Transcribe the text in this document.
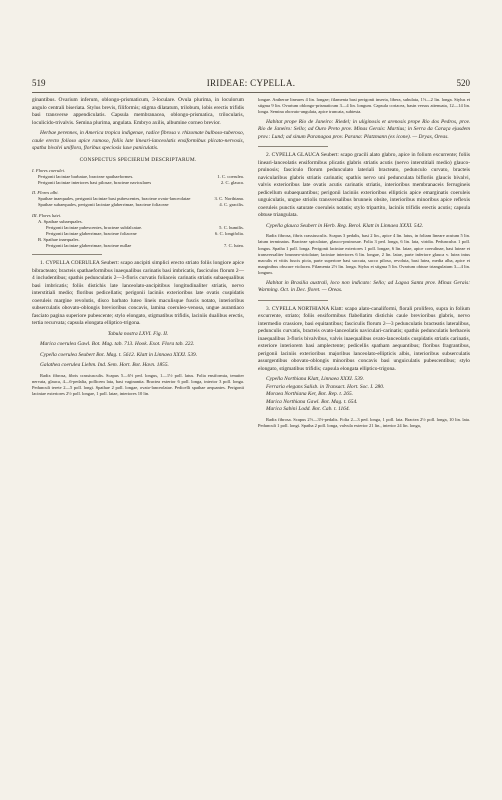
519	IRIDEAE: CYPELLA.	520

ginantibus. Ovarium inferum, oblongo-prismaticum, 3-loculare. Ovula plurima, in loculorum angulo centrali biseriata. Stylus brevis, filiformis; stigma dilatatum, trilobum, lobis erectis trifidis basi transverse appendiculatis. Capsula membranacea, oblongo-prismatica, trilocularis, loculicido-trivalvis. Semina plurima, angulata. Embryo axilis, albumine corneo brevior.

Herbae perennes, in America tropica indigenae, radice fibrosa v. rhizomate bulboso-tuberoso, caule erecto folioso apice ramoso, foliis late lineari-lanceolatis ensiformibus plicato-nervosis, spatha bivalvi uniflora, floribus speciosis luxe paniculatis.

CONSPECTUS SPECIERUM DESCRIPTARUM.
I. Flores coerulei.
Perigonii laciniae barbatae, bracteae spathaeformes.	1. C. coerulea.
Perigonii laciniae interiores basi pilosae, bracteae naviculares	2. C. glauca.
II. Flores albi.
Spathae inaequales, perigonii laciniae basi pubescentes, bracteae ovato-lanceolatae	3. C. Northiana.
Spathae subaequales, perigonii laciniae glaberrimae, bracteae foliaceae	4. C. gracilis.
III. Flores lutei.
A. Spathae subaequales.
Perigonii laciniae pubescentes, bracteae subfalcatae.	5. C. humilis.
Perigonii laciniae glaberrimae, bracteae foliaceae	6. C. longifolia.
B. Spathae inaequales.
Perigonii laciniae glaberrimae, bracteae nullae	7. C. lutea.

1. CYPELLA COERULEA Seubert: scapo ancipiti simplici erecto striato foliis longiore apice bibracteato; bracteis spathaeformibus inaequalibus carinatis basi imbricatis, fasciculos florum 2—4 includentibus; spathis pedunculatis 2—3-floris curvatis foliaceis carinatis striatis subaequalibus basi imbricatis; foliis distichis late lanceolato-ancipitibus longitudinaliter striatis, nervo interstitiali medio; floribus pedicellatis; perigonii laciniis exterioribus late ovatis cuspidatis coeruleis margine revolutis, disco barbato luteo lineis maculisque fuscis notato, interioribus subserculatis obovato-oblongis brevioribus concavis, lamina coeruleo-venosa, ungue aurantiaco fasciato pagina superiore pubescente; stylo elongato, stigmatibus trifidis, laciniis dualibus erectis, tertia recurvata; capsula elongata elliptico-trigona.

Tabula nostra LXVI. Fig. II.

Marica coerulea Gawl. Bot. Mag. tab. 713. Hook. Exot. Flora tab. 222.

Cypella coerulea Seubert Bot. Mag. t. 5612. Klatt in Linnaea XXXI. 539.

Galathea coerulea Liebm. Ind. Sem. Hort. Bot. Havn. 1855.

Radix fibrosa, fibris crassiusculis. Scapus 5—6½ ped. longus, 1—1½ poll. latus. Folia ensiformia, tenuiter nervata, glauca, 4—6-pedalia, pollicem lata, basi vaginantia. Bractea exterior 6 poll. longa, interior 3 poll. longa. Pedunculi terete 2—5 poll. longi. Spathae 2 poll. longae, ovato-lanceolatae. Pedicelli spathae aequantes. Perigonii laciniae exteriores 2½ poll. longae, 1 poll. latae, interiores 10 lin.

longae. Antherae lineares 4 lin. longae; filamenta basi perigonii inserta, libera, subulata, 1½—2 lin. longa. Stylus et stigma 9 lin. Ovarium oblongo-prismaticum 3—4 lin. longum. Capsula coriacea, basin versus attenuata, 12—14 lin. longa. Semina obovato-angulata, apice truncata, subtesta.

Habitat prope Rio de Janeiro: Riedel; in uliginosis et arenosis prope Rio dos Pedros, prov. Rio de Janeiro: Sello; ad Ouro Preto prov. Minas Gerais: Martius; in Serra da Caraça ejusdem prov.: Lund; ad sinum Paranagoa prov. Parana: Platzmann (ex icone). — Dryas, Oreas.

2. CYPELLA GLAUCA Seubert: scapo gracili alato glabro, apice in folium excurrente; foliis lineari-lanceolatis ensiformibus plicatis glabris striatis acutis (nervo interstitiali medio) glauco-pruinosis; fasciculo florum pedunculato lateriali bracteato, pedunculo curvato, bracteis navicularibus glabris striatis carinatis; spathis nervo uni pedunculata bifloriis glaucis bivalvi, valvis exterioribus late ovatis acutis carinatis striatis, interioribus membranaceis ferrugineis pedicellum subaequantibus; perigonii laciniis exterioribus ellipticis apice emarginatis coeruleis unguiculatis, ungue striolis transversalibus brunneis obsite, interioribus minoribus apice reflexis coeruleis punctis saturate coeruleis notatis; stylo tripartito, laciniis trifidis erectis acutis; capsula obtuse triangulata.

Cypella glauca Seubert in Herb. Reg. Berol. Klatt in Linnaea XXXI. 542.

Radix fibrosa, fibris crassiusculis. Scapus 3 pedalis, basi 2 lin., apice 4 lin. latus, in foliam lineare acutum 5 lin. latum terminatus. Bracteae spiculatae, glauco-pruinosae. Folia 3 ped. longa, 6 lin. lata, viridia. Pedunculus 1 poll. longus. Spatha 1 poll. longa. Perigonii laciniae exteriores 1 poll. longae, 6 lin. latae, apice coerulinae, basi luteae et transversaliter brunneo-striolatae; laciniae interiores 6 lin. longae, 2 lin. latae, parte inferiore glauca v. lutea intus maculis et vittis fuscis picta, parte superiore basi saccata, sacco piloso, revoluta, basi lutea, media alba, apice et marginibus obscure violacea. Filamenta 2½ lin. longa. Stylus et stigma 5 lin. Ovarium obtuse triangulatum 3—4 lin. longum.

Habitat in Brasilia australi, loco non indicato: Sello; ad Lagoa Santa prov. Minas Gerais: Warming. Oct. in Dec. floret. — Oreas.

3. CYPELLA NORTHIANA Klatt: scapo alato-canaliformi, florali prolifero, supra in folium excurrente, striato; foliis ensiformibus flabellatim distichis caule brevioribus glabris, nervo intermedio crassiore, basi equitantibus; fasciculis florum 2—3 pedunculatis bracteatis lateralibus, pedunculis curvatis, bracteis ovato-lanceolatis naviculari-carinatis; spathis pedunculatis herbaceis inaequalibus 3-floris bivalvibus, valvis inaequalibus ovato-lanceolatis cuspidatis striatis carinatis, exteriore interiorem basi amplectente; pedicellis spatham aequantibus; floribus fragrantibus, perigonii laciniis exterioribus majoribus lanceolato-ellipticis albis, interioribus subserculatis assurgentibus obovato-oblongis minoribus concavis basi unguiculatis pubescentibus; stylo elongato, stigmatibus trifidis; capsula elongata elliptico-trigona.

Cypella Northiana Klatt, Linnaea XXXI. 539.

Ferraria elegans Salisb. in Transact. Hort. Soc. I. 280.

Moraea Northiana Ker, Bot. Rep. t. 265.

Marica Northiana Gawl. Bot. Mag. t. 654.

Marica Sabini Lodd. Bot. Cab. t. 1164.

Radix fibrosa. Scapus 2½—3½-pedalis. Folia 2—3 ped. longa, 1 poll. lata. Bractea 2½ poll. longa, 10 lin. lata. Pedunculi 1 poll. longi. Spatha 2 poll. longa, valvula exterior 21 lin., interior 24 lin. longa,
